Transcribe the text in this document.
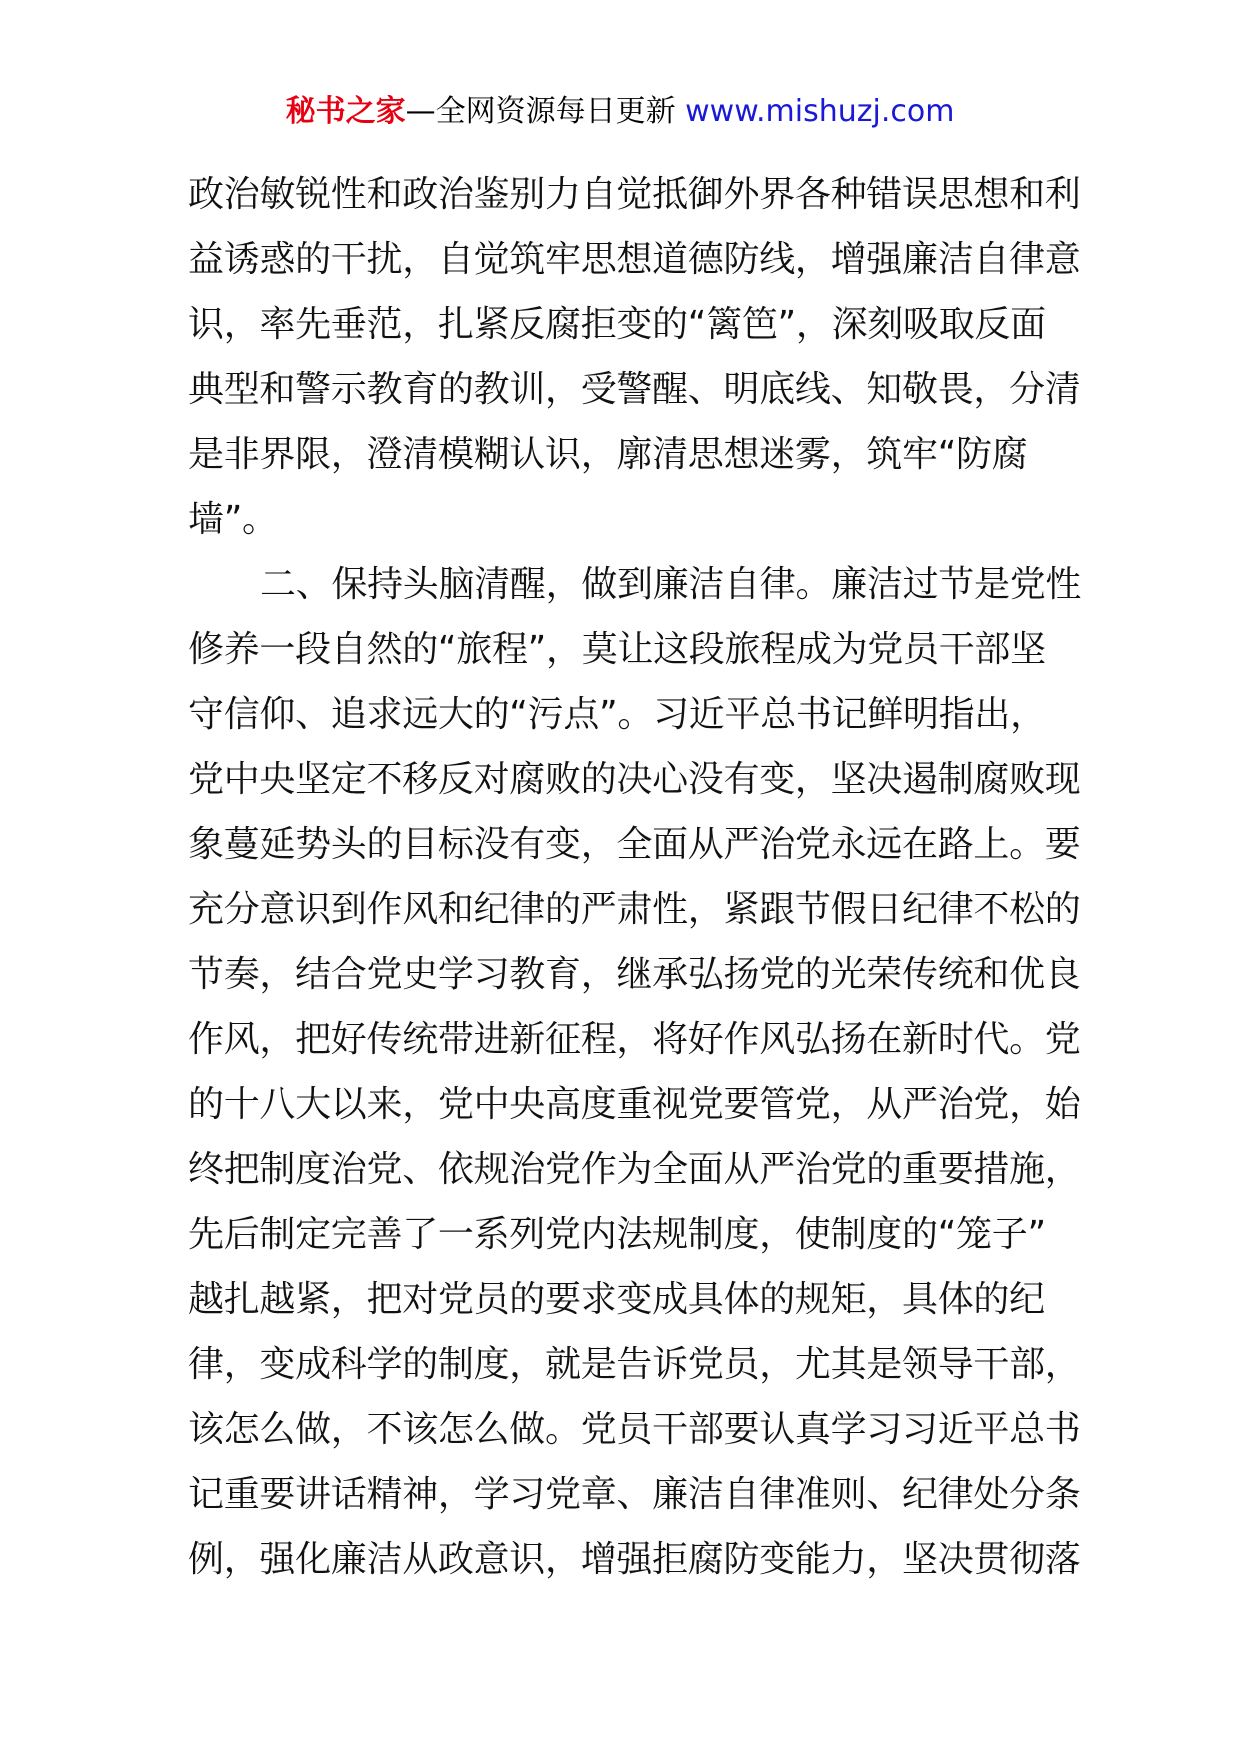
秘书之家—全网资源每日更新 www.mishuzj.com
政治敏锐性和政治鉴别力自觉抵御外界各种错误思想和利
益诱惑的干扰，自觉筑牢思想道德防线，增强廉洁自律意
识，率先垂范，扎紧反腐拒变的“篱笆”，深刻吸取反面
典型和警示教育的教训，受警醒、明底线、知敬畏，分清
是非界限，澄清模糊认识，廓清思想迷雾，筑牢“防腐
墙”。
二、保持头脑清醒，做到廉洁自律。廉洁过节是党性
修养一段自然的“旅程”，莫让这段旅程成为党员干部坚
守信仰、追求远大的“污点”。习近平总书记鲜明指出，
党中央坚定不移反对腐败的决心没有变，坚决遏制腐败现
象蔓延势头的目标没有变，全面从严治党永远在路上。要
充分意识到作风和纪律的严肃性，紧跟节假日纪律不松的
节奏，结合党史学习教育，继承弘扬党的光荣传统和优良
作风，把好传统带进新征程，将好作风弘扬在新时代。党
的十八大以来，党中央高度重视党要管党，从严治党，始
终把制度治党、依规治党作为全面从严治党的重要措施，
先后制定完善了一系列党内法规制度，使制度的“笼子”
越扎越紧，把对党员的要求变成具体的规矩，具体的纪
律，变成科学的制度，就是告诉党员，尤其是领导干部，
该怎么做，不该怎么做。党员干部要认真学习习近平总书
记重要讲话精神，学习党章、廉洁自律准则、纪律处分条
例，强化廉洁从政意识，增强拒腐防变能力，坚决贯彻落
